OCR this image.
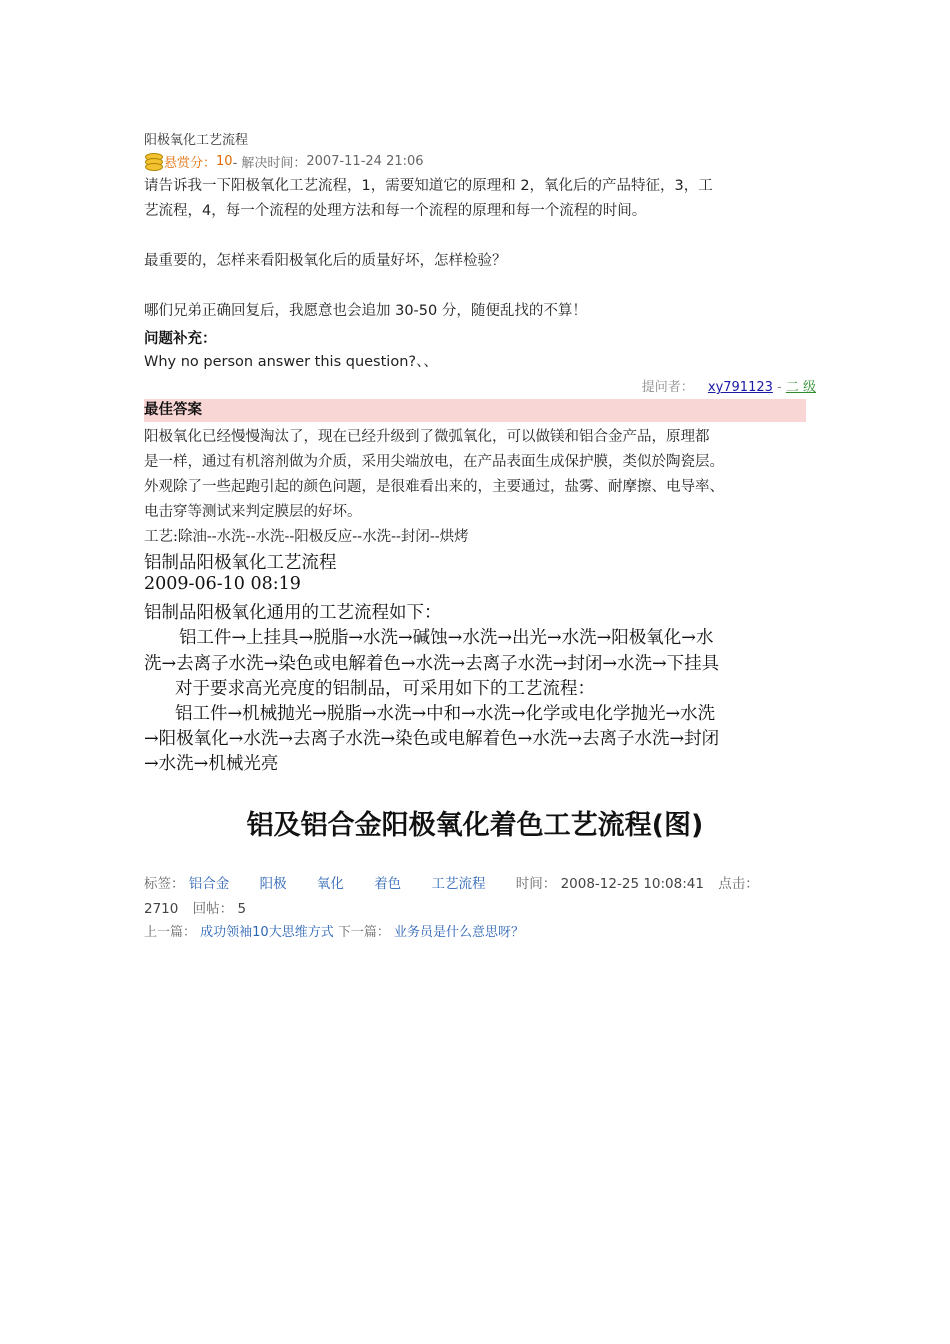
阳极氧化工艺流程
悬赏分： 10 - 解决时间： 2007-11-24 21:06
请告诉我一下阳极氧化工艺流程，1，需要知道它的原理和 2，氧化后的产品特征，3，工
艺流程，4，每一个流程的处理方法和每一个流程的原理和每一个流程的时间。
最重要的，怎样来看阳极氧化后的质量好坏，怎样检验？
哪们兄弟正确回复后，我愿意也会追加 30-50 分，随便乱找的不算！
问题补充：
Why no person answer this question?、、
提问者： xy791123 - 二 级
最佳答案
阳极氧化已经慢慢淘汰了，现在已经升级到了微弧氧化，可以做镁和铝合金产品，原理都
是一样，通过有机溶剂做为介质，采用尖端放电，在产品表面生成保护膜，类似於陶瓷层。
外观除了一些起跑引起的颜色问题，是很难看出来的，主要通过，盐雾、耐摩擦、电导率、
电击穿等测试来判定膜层的好坏。
工艺:除油--水洗--水洗--阳极反应--水洗--封闭--烘烤
铝制品阳极氧化工艺流程
2009-06-10 08:19
铝制品阳极氧化通用的工艺流程如下：
铝工件→上挂具→脱脂→水洗→碱蚀→水洗→出光→水洗→阳极氧化→水
洗→去离子水洗→染色或电解着色→水洗→去离子水洗→封闭→水洗→下挂具
对于要求高光亮度的铝制品，可采用如下的工艺流程：
铝工件→机械抛光→脱脂→水洗→中和→水洗→化学或电化学抛光→水洗
→阳极氧化→水洗→去离子水洗→染色或电解着色→水洗→去离子水洗→封闭
→水洗→机械光亮
铝及铝合金阳极氧化着色工艺流程(图)
标签： 铝合金 阳极 氧化 着色 工艺流程 时间： 2008-12-25 10:08:41 点击：
2710 回帖： 5
上一篇： 成功领袖10大思维方式 下一篇： 业务员是什么意思呀？
